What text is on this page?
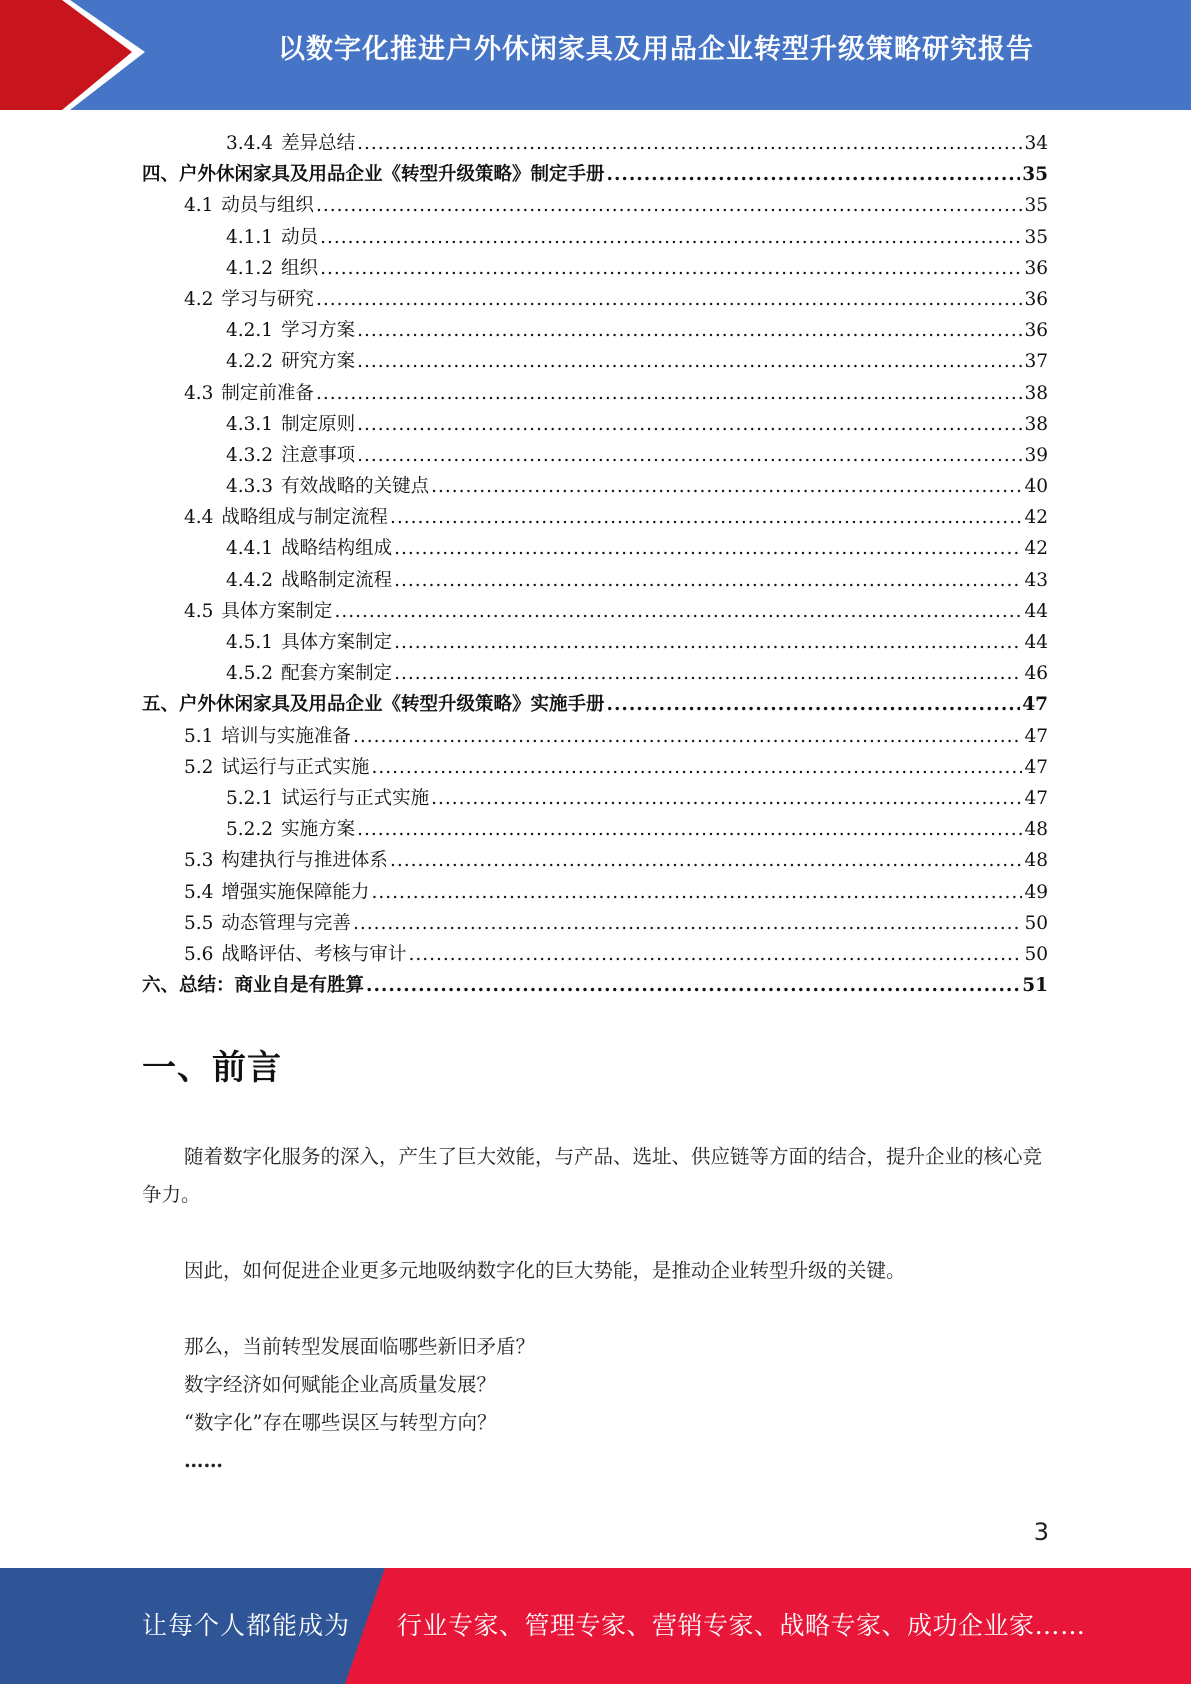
以数字化推进户外休闲家具及用品企业转型升级策略研究报告
3.4.4 差异总结 .....	34
四、户外休闲家具及用品企业《转型升级策略》制定手册 .....	35
4.1 动员与组织 .....	35
4.1.1 动员 .....	35
4.1.2 组织 .....	36
4.2 学习与研究 .....	36
4.2.1 学习方案 .....	36
4.2.2 研究方案 .....	37
4.3 制定前准备 .....	38
4.3.1 制定原则 .....	38
4.3.2 注意事项 .....	39
4.3.3 有效战略的关键点 .....	40
4.4 战略组成与制定流程 .....	42
4.4.1 战略结构组成 .....	42
4.4.2 战略制定流程 .....	43
4.5 具体方案制定 .....	44
4.5.1 具体方案制定 .....	44
4.5.2 配套方案制定 .....	46
五、户外休闲家具及用品企业《转型升级策略》实施手册 .....	47
5.1 培训与实施准备 .....	47
5.2 试运行与正式实施 .....	47
5.2.1 试运行与正式实施 .....	47
5.2.2 实施方案 .....	48
5.3 构建执行与推进体系 .....	48
5.4 增强实施保障能力 .....	49
5.5 动态管理与完善 .....	50
5.6 战略评估、考核与审计 .....	50
六、总结：商业自是有胜算 .....	51
一、前言
随着数字化服务的深入，产生了巨大效能，与产品、选址、供应链等方面的结合，提升企业的核心竞争力。
因此，如何促进企业更多元地吸纳数字化的巨大势能，是推动企业转型升级的关键。
那么，当前转型发展面临哪些新旧矛盾？
数字经济如何赋能企业高质量发展？
“数字化”存在哪些误区与转型方向？
……
3
让每个人都能成为 行业专家、管理专家、营销专家、战略专家、成功企业家……
